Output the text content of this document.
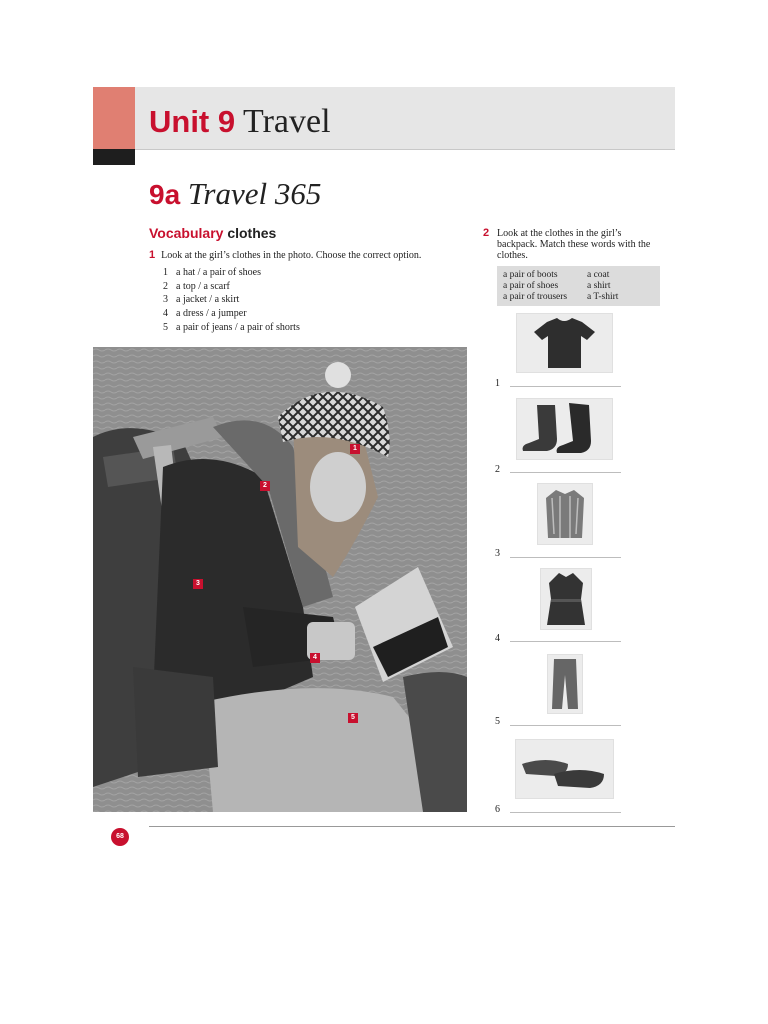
Unit 9 Travel
9a Travel 365
Vocabulary clothes
1 Look at the girl’s clothes in the photo. Choose the correct option.
1 a hat / a pair of shoes
2 a top / a scarf
3 a jacket / a skirt
4 a dress / a jumper
5 a pair of jeans / a pair of shorts
1
2
3
4
5
2 Look at the clothes in the girl’s backpack. Match these words with the clothes.
a pair of boots
a pair of shoes
a pair of trousers
a coat
a shirt
a T-shirt
1
2
3
4
5
6
68
